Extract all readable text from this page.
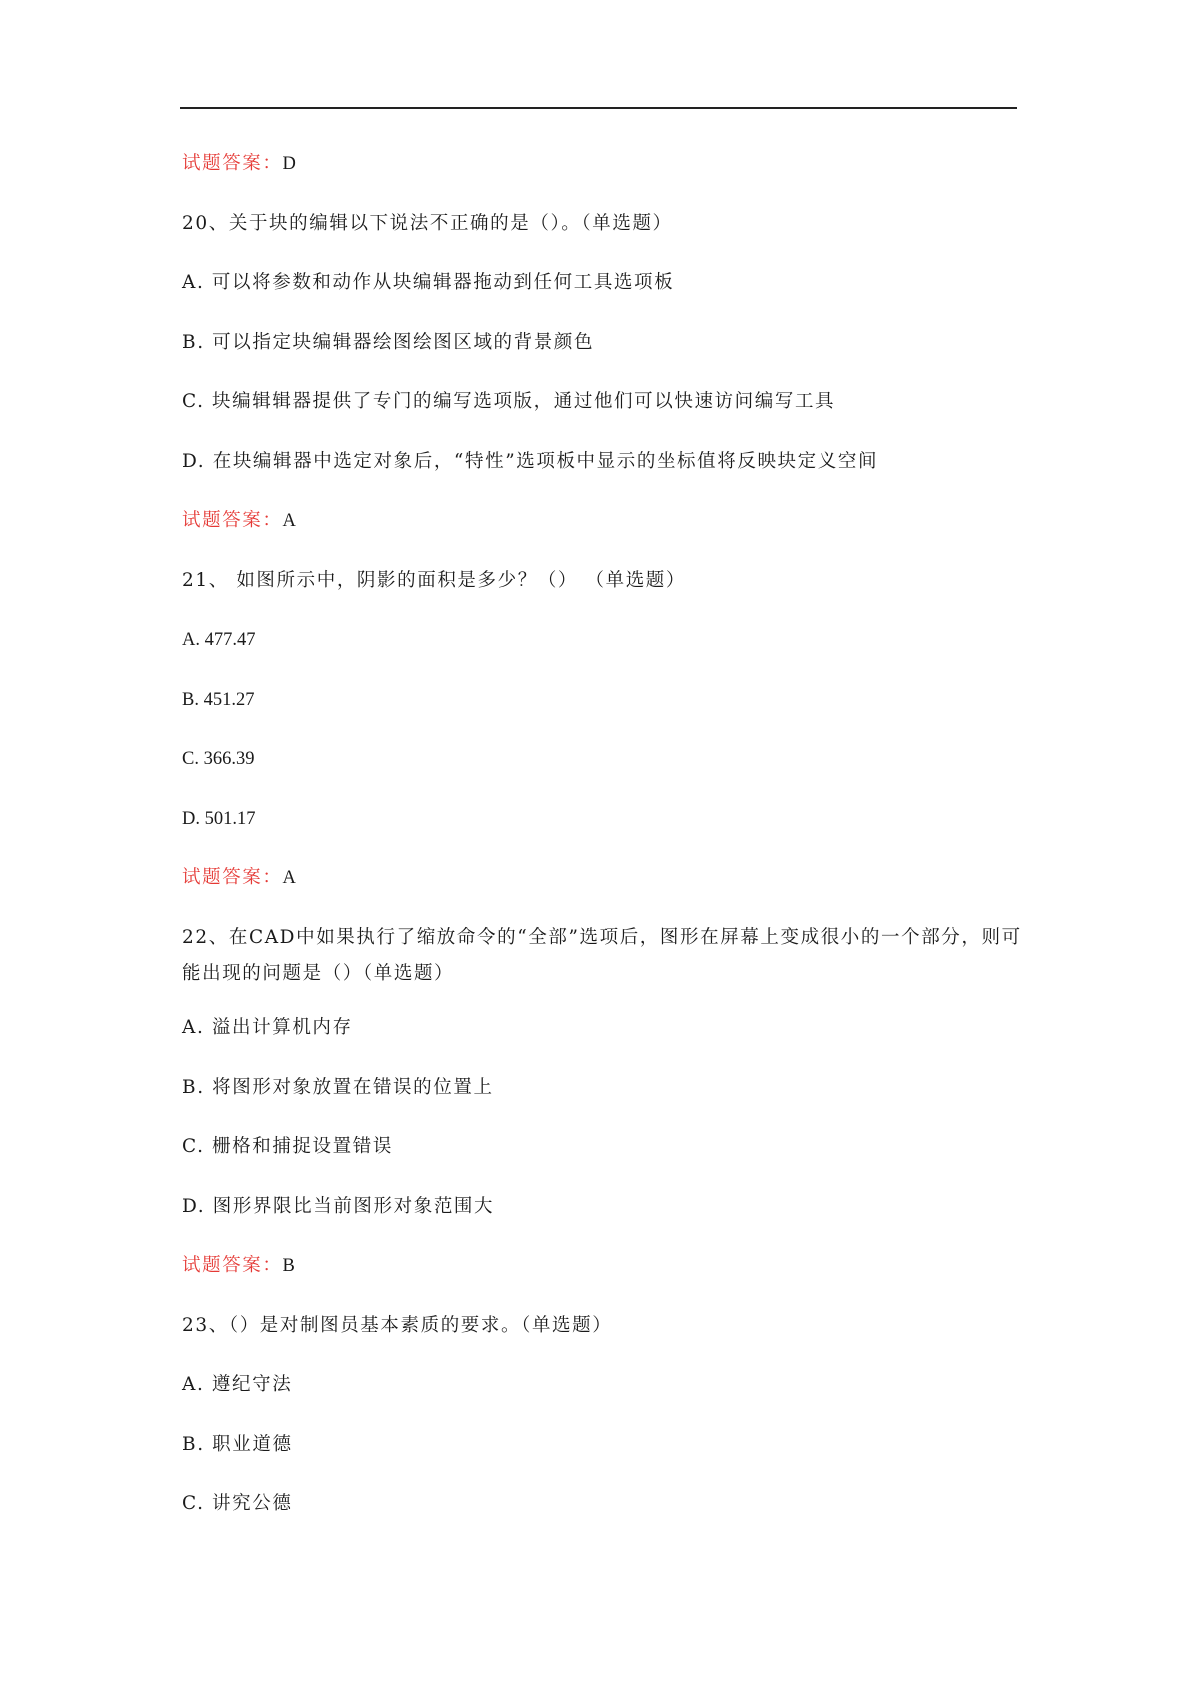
试题答案：D
20、关于块的编辑以下说法不正确的是（）。（单选题）
A. 可以将参数和动作从块编辑器拖动到任何工具选项板
B. 可以指定块编辑器绘图绘图区域的背景颜色
C. 块编辑辑器提供了专门的编写选项版，通过他们可以快速访问编写工具
D. 在块编辑器中选定对象后，“特性”选项板中显示的坐标值将反映块定义空间
试题答案：A
21、 如图所示中，阴影的面积是多少？（） （单选题）
A. 477.47
B. 451.27
C. 366.39
D. 501.17
试题答案：A
22、在CAD中如果执行了缩放命令的“全部”选项后，图形在屏幕上变成很小的一个部分，则可能出现的问题是（）（单选题）
A. 溢出计算机内存
B. 将图形对象放置在错误的位置上
C. 栅格和捕捉设置错误
D. 图形界限比当前图形对象范围大
试题答案：B
23、（）是对制图员基本素质的要求。（单选题）
A. 遵纪守法
B. 职业道德
C. 讲究公德
